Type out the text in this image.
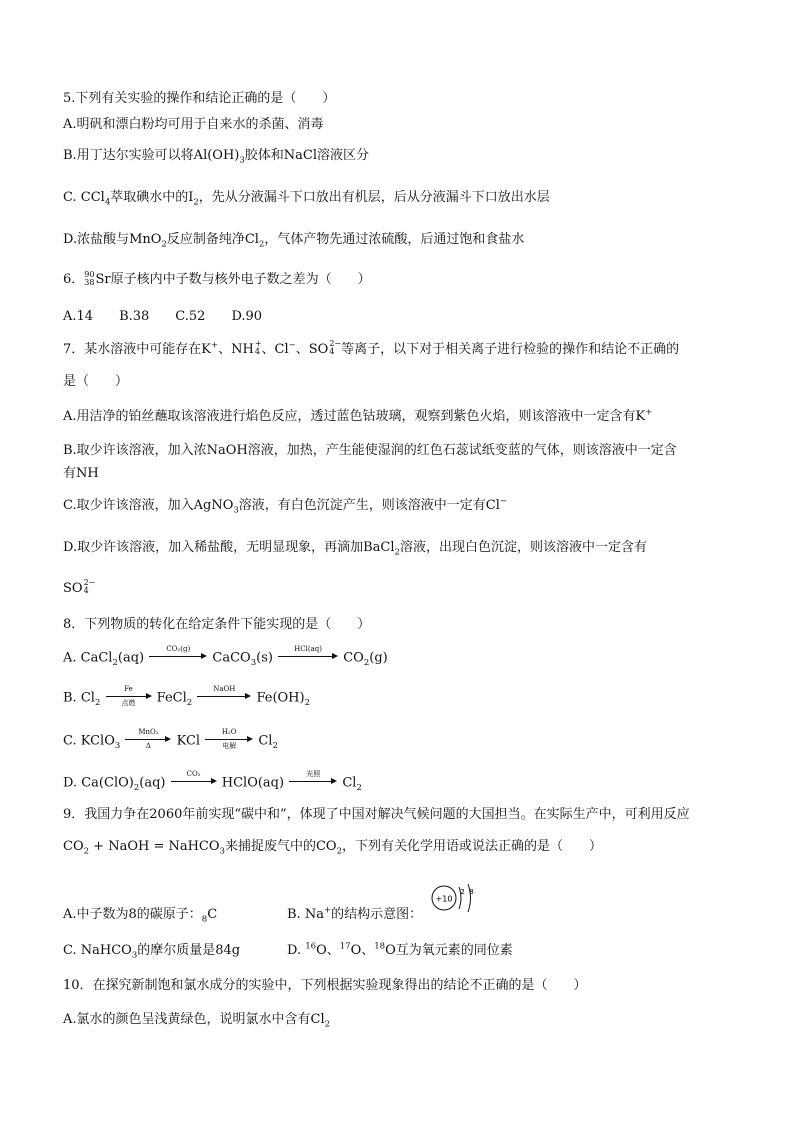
5.下列有关实验的操作和结论正确的是（　　）
A.明矾和漂白粉均可用于自来水的杀菌、消毒
B.用丁达尔实验可以将$Al(OH)_3$胶体和NaCl溶液区分
C. CCl$_4$萃取碘水中的$I_2$，先从分液漏斗下口放出有机层，后从分液漏斗下口放出水层
D.浓盐酸与MnO$_2$反应制备纯净$Cl_2$，气体产物先通过浓硫酸，后通过饱和食盐水
6． 90
38 Sr原子核内中子数与核外电子数之差为（　　）
A.14　　B.38　　C.52　　D.90
7．某水溶液中可能存在K+、NH +
4 、Cl−、SO 2−
4 等离子，以下对于相关离子进行检验的操作和结论不正确的
是（　　）
A.用洁净的铂丝蘸取该溶液进行焰色反应，透过蓝色钴玻璃，观察到紫色火焰，则该溶液中一定含有K+
B.取少许该溶液，加入浓NaOH溶液，加热，产生能使湿润的红色石蕊试纸变蓝的气体，则该溶液中一定含
有NH
C.取少许该溶液，加入AgNO$_3$溶液，有白色沉淀产生，则该溶液中一定有Cl−
D.取少许该溶液，加入稀盐酸，无明显现象，再滴加BaCl$_2$溶液，出现白色沉淀，则该溶液中一定含有
SO 2−
4
8．下列物质的转化在给定条件下能实现的是（　　）
A. CaCl$_2$(aq)
CO₂(g)
CaCO$_3$(s)
HCl(aq)
$CO_2(g)$
B. $Cl_2$
Fe
点燃 FeCl$_2$
NaOH
$Fe(OH)_2$
C. KClO$_3$
MnO₂
Δ KCl
H₂O
电解 $Cl_2$
D. $Ca(ClO)_2(aq)$
CO₂
HClO(aq)
光照
$Cl_2$
9．我国力争在2060年前实现“碳中和”，体现了中国对解决气候问题的大国担当。在实际生产中，可利用反应
$CO_2$ + NaOH = NaHCO$_3$来捕捉废气中的$CO_2$，下列有关化学用语或说法正确的是（　　）
A.中子数为8的碳原子：$_8$C	B. Na+的结构示意图：
+10
2 8
C. NaHCO$_3$的摩尔质量是84g	D. $^{16}$O、$^{17}$O、$^{18}$O互为氧元素的同位素
10．在探究新制饱和氯水成分的实验中，下列根据实验现象得出的结论不正确的是（　　）
A.氯水的颜色呈浅黄绿色，说明氯水中含有$Cl_2$
